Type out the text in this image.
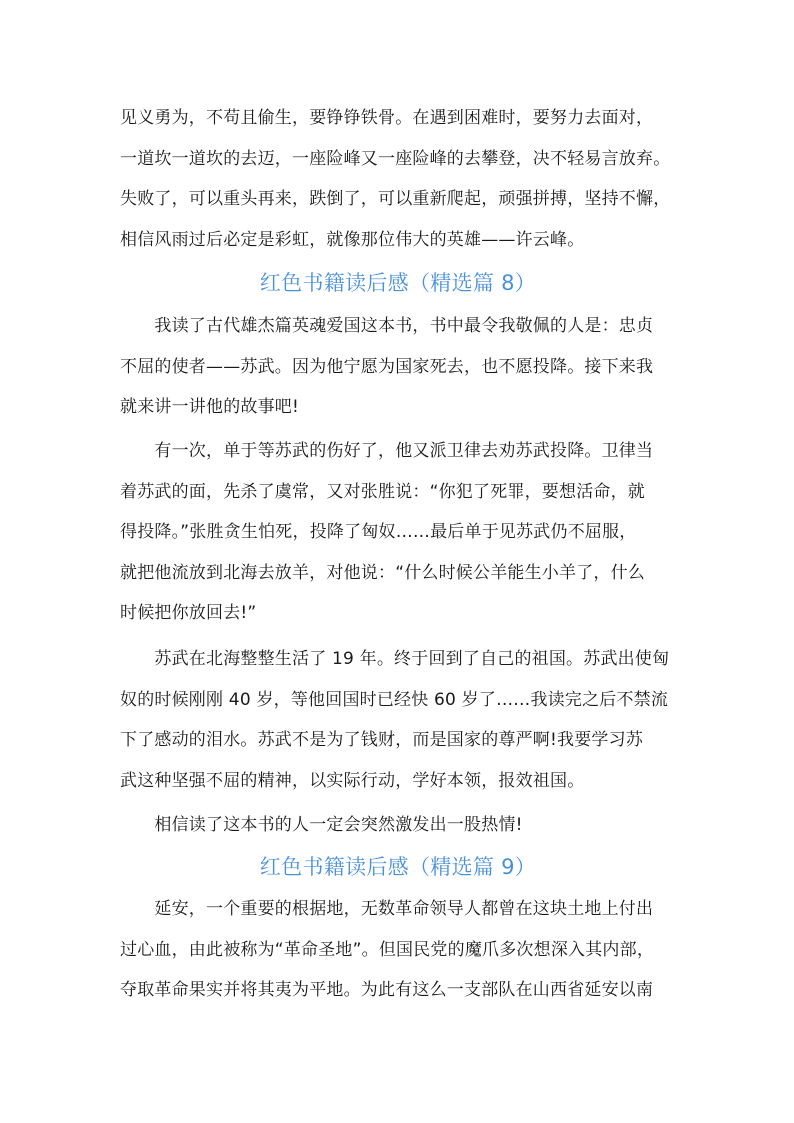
见义勇为，不苟且偷生，要铮铮铁骨。在遇到困难时，要努力去面对，
一道坎一道坎的去迈，一座险峰又一座险峰的去攀登，决不轻易言放弃。
失败了，可以重头再来，跌倒了，可以重新爬起，顽强拼搏，坚持不懈，
相信风雨过后必定是彩虹，就像那位伟大的英雄——许云峰。
红色书籍读后感（精选篇 8）
　　我读了古代雄杰篇英魂爱国这本书，书中最令我敬佩的人是：忠贞
不屈的使者——苏武。因为他宁愿为国家死去，也不愿投降。接下来我
就来讲一讲他的故事吧!
　　有一次，单于等苏武的伤好了，他又派卫律去劝苏武投降。卫律当
着苏武的面，先杀了虞常，又对张胜说：“你犯了死罪，要想活命，就
得投降。”张胜贪生怕死，投降了匈奴……最后单于见苏武仍不屈服，
就把他流放到北海去放羊，对他说：“什么时候公羊能生小羊了，什么
时候把你放回去!”
　　苏武在北海整整生活了 19 年。终于回到了自己的祖国。苏武出使匈
奴的时候刚刚 40 岁，等他回国时已经快 60 岁了……我读完之后不禁流
下了感动的泪水。苏武不是为了钱财，而是国家的尊严啊!我要学习苏
武这种坚强不屈的精神，以实际行动，学好本领，报效祖国。
　　相信读了这本书的人一定会突然激发出一股热情!
红色书籍读后感（精选篇 9）
　　延安，一个重要的根据地，无数革命领导人都曾在这块土地上付出
过心血，由此被称为“革命圣地”。但国民党的魔爪多次想深入其内部，
夺取革命果实并将其夷为平地。为此有这么一支部队在山西省延安以南
